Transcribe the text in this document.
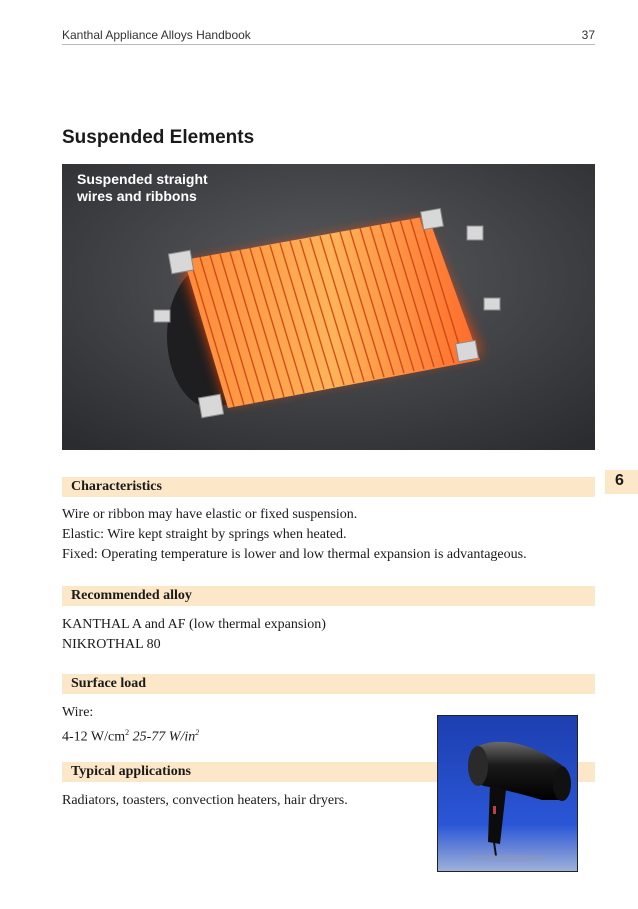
Kanthal Appliance Alloys Handbook	37
Suspended Elements
Suspended straight
wires and ribbons
6
Characteristics
Wire or ribbon may have elastic or fixed suspension.
Elastic: Wire kept straight by springs when heated.
Fixed: Operating temperature is lower and low thermal expansion is advantageous.
Recommended alloy
KANTHAL A and AF (low thermal expansion)
NIKROTHAL 80
Surface load
Wire:
4-12 $W/cm^2$ 25-77 $W/in^2$
Typical applications
Radiators, toasters, convection heaters, hair dryers.
